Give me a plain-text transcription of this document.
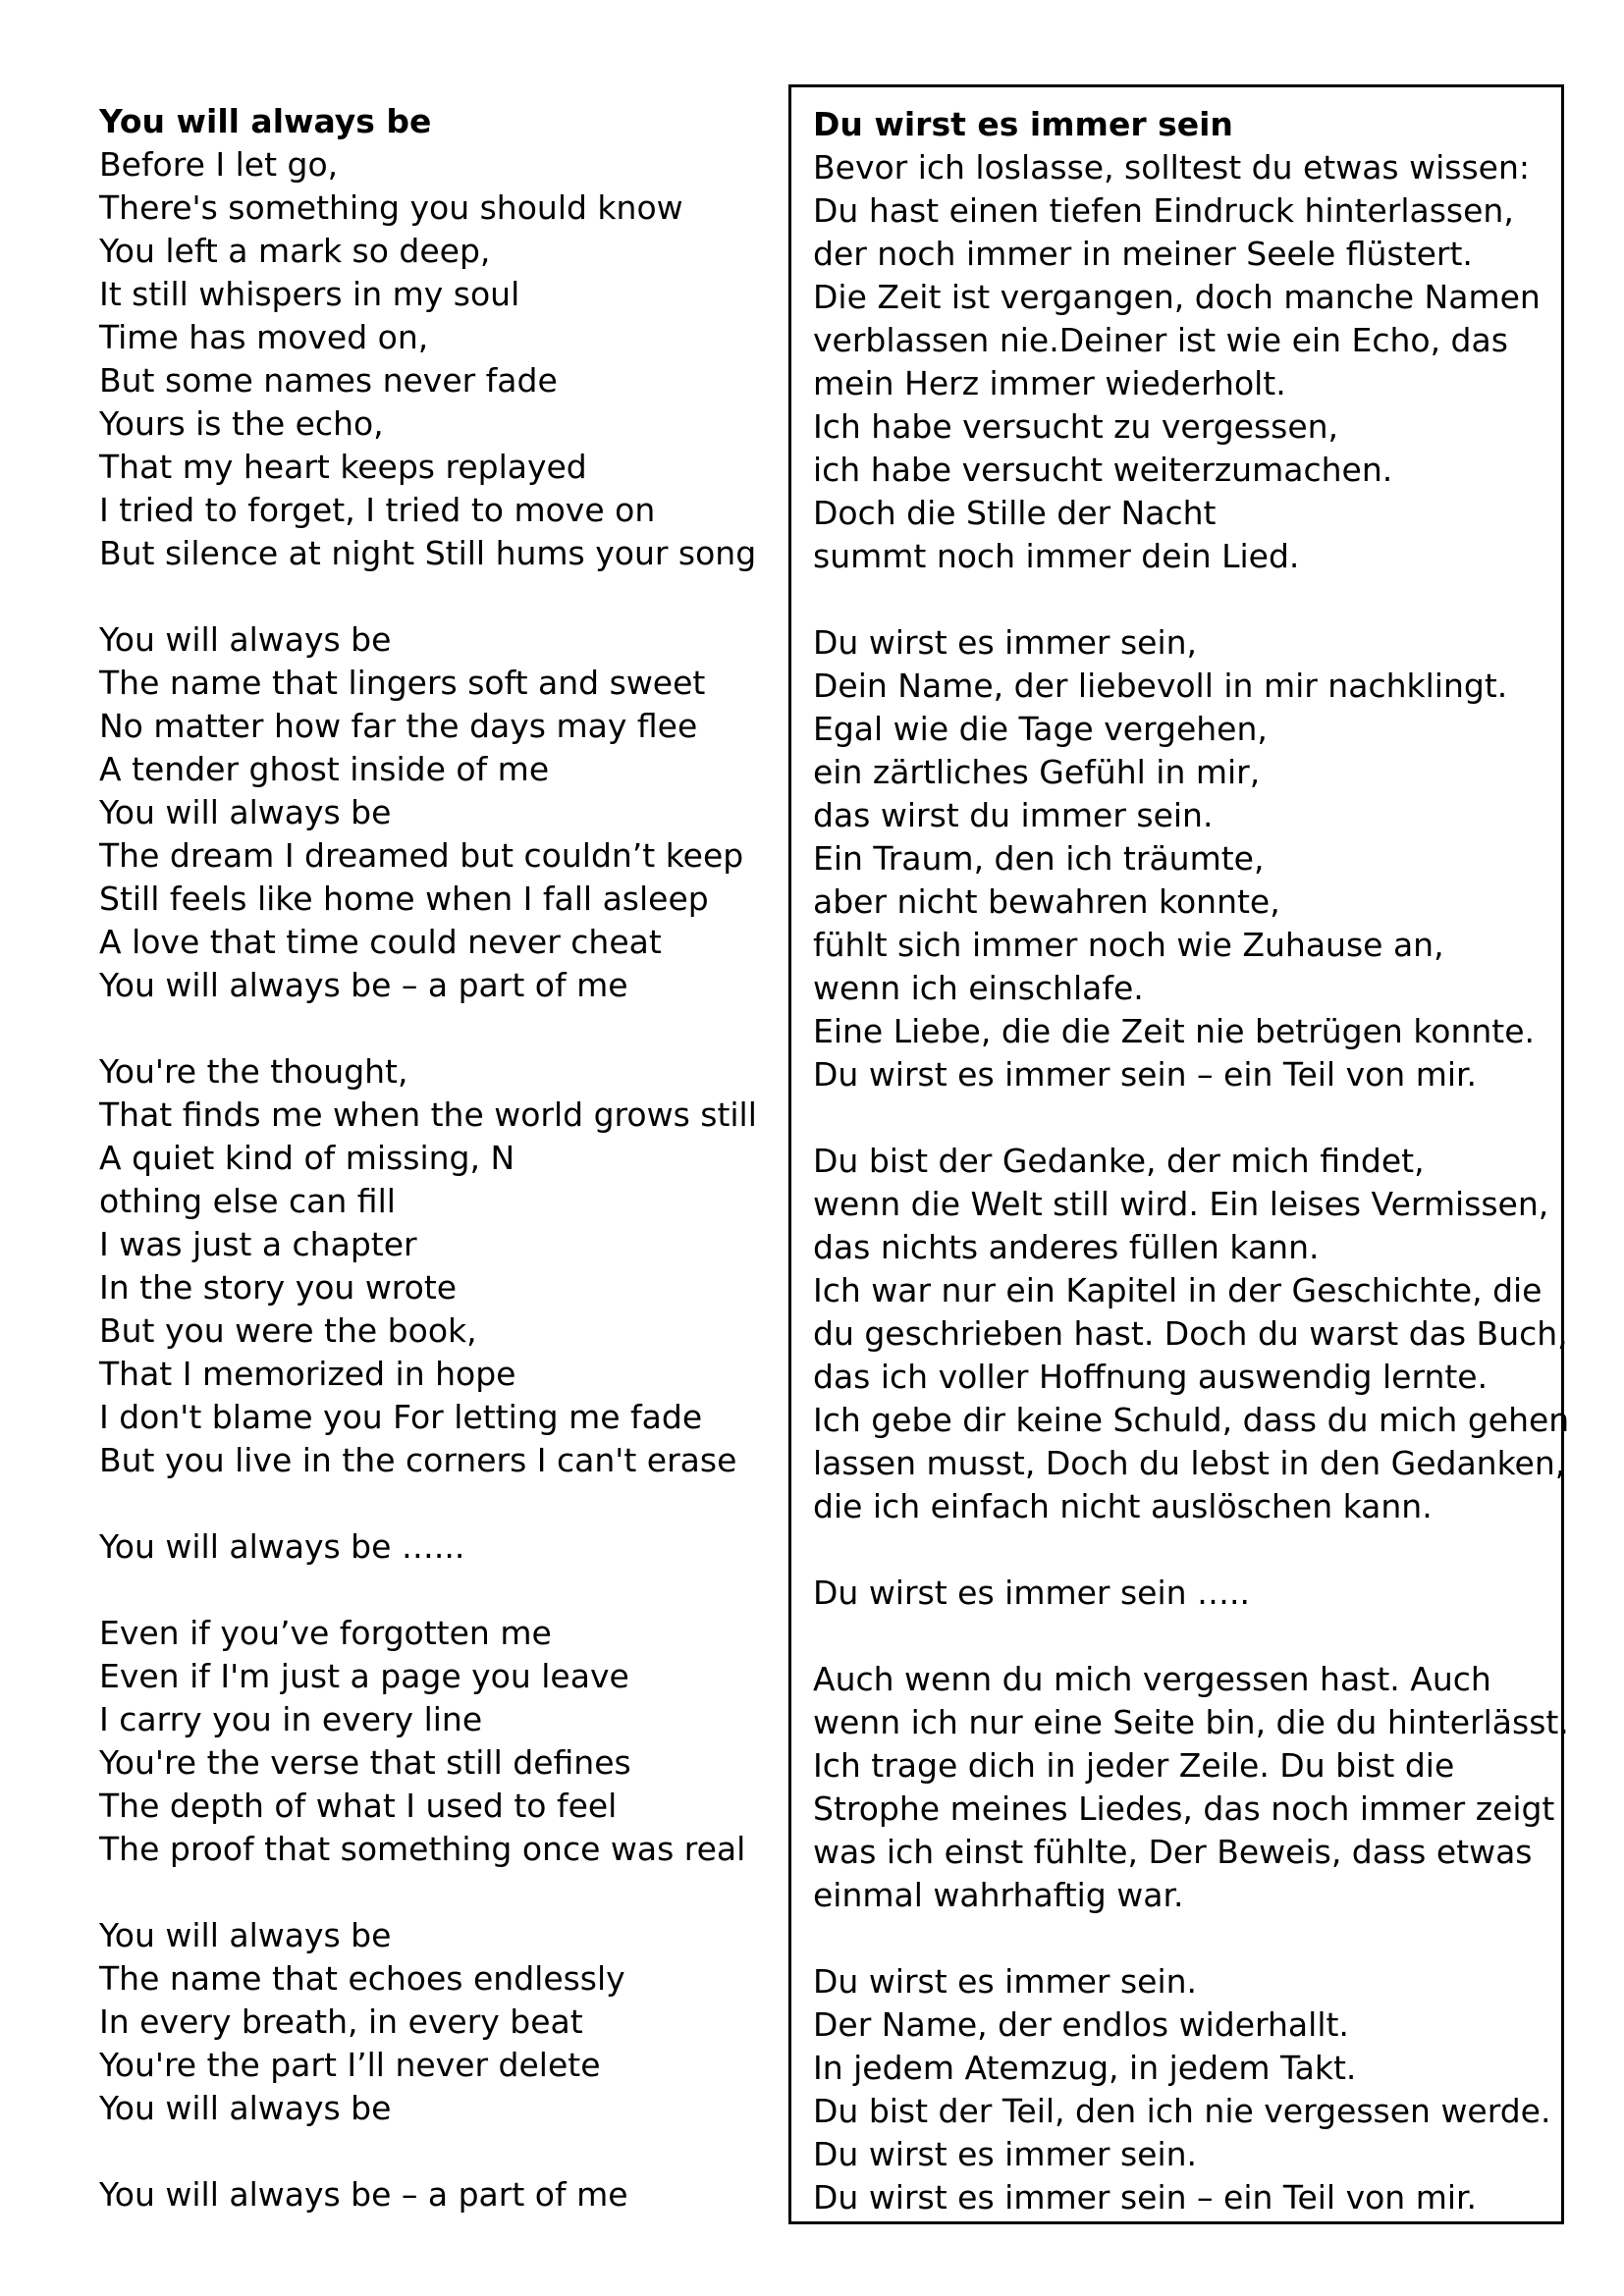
You will always be
Before I let go,
There's something you should know
You left a mark so deep,
It still whispers in my soul
Time has moved on,
But some names never fade
Yours is the echo,
That my heart keeps replayed
I tried to forget, I tried to move on
But silence at night Still hums your song
You will always be
The name that lingers soft and sweet
No matter how far the days may flee
A tender ghost inside of me
You will always be
The dream I dreamed but couldn’t keep
Still feels like home when I fall asleep
A love that time could never cheat
You will always be – a part of me
You're the thought,
That finds me when the world grows still
A quiet kind of missing, N
othing else can fill
I was just a chapter
In the story you wrote
But you were the book,
That I memorized in hope
I don't blame you For letting me fade
But you live in the corners I can't erase
You will always be …...
Even if you’ve forgotten me
Even if I'm just a page you leave
I carry you in every line
You're the verse that still defines
The depth of what I used to feel
The proof that something once was real
You will always be
The name that echoes endlessly
In every breath, in every beat
You're the part I’ll never delete
You will always be
You will always be – a part of me
Du wirst es immer sein
Bevor ich loslasse, solltest du etwas wissen:
Du hast einen tiefen Eindruck hinterlassen,
der noch immer in meiner Seele flüstert.
Die Zeit ist vergangen, doch manche Namen
verblassen nie.Deiner ist wie ein Echo, das
mein Herz immer wiederholt.
Ich habe versucht zu vergessen,
ich habe versucht weiterzumachen.
Doch die Stille der Nacht
summt noch immer dein Lied.
Du wirst es immer sein,
Dein Name, der liebevoll in mir nachklingt.
Egal wie die Tage vergehen,
ein zärtliches Gefühl in mir,
das wirst du immer sein.
Ein Traum, den ich träumte,
aber nicht bewahren konnte,
fühlt sich immer noch wie Zuhause an,
wenn ich einschlafe.
Eine Liebe, die die Zeit nie betrügen konnte.
Du wirst es immer sein – ein Teil von mir.
Du bist der Gedanke, der mich findet,
wenn die Welt still wird. Ein leises Vermissen,
das nichts anderes füllen kann.
Ich war nur ein Kapitel in der Geschichte, die
du geschrieben hast. Doch du warst das Buch,
das ich voller Hoffnung auswendig lernte.
Ich gebe dir keine Schuld, dass du mich gehen
lassen musst, Doch du lebst in den Gedanken,
die ich einfach nicht auslöschen kann.
Du wirst es immer sein …..
Auch wenn du mich vergessen hast. Auch
wenn ich nur eine Seite bin, die du hinterlässt.
Ich trage dich in jeder Zeile. Du bist die
Strophe meines Liedes, das noch immer zeigt
was ich einst fühlte, Der Beweis, dass etwas
einmal wahrhaftig war.
Du wirst es immer sein.
Der Name, der endlos widerhallt.
In jedem Atemzug, in jedem Takt.
Du bist der Teil, den ich nie vergessen werde.
Du wirst es immer sein.
Du wirst es immer sein – ein Teil von mir.
